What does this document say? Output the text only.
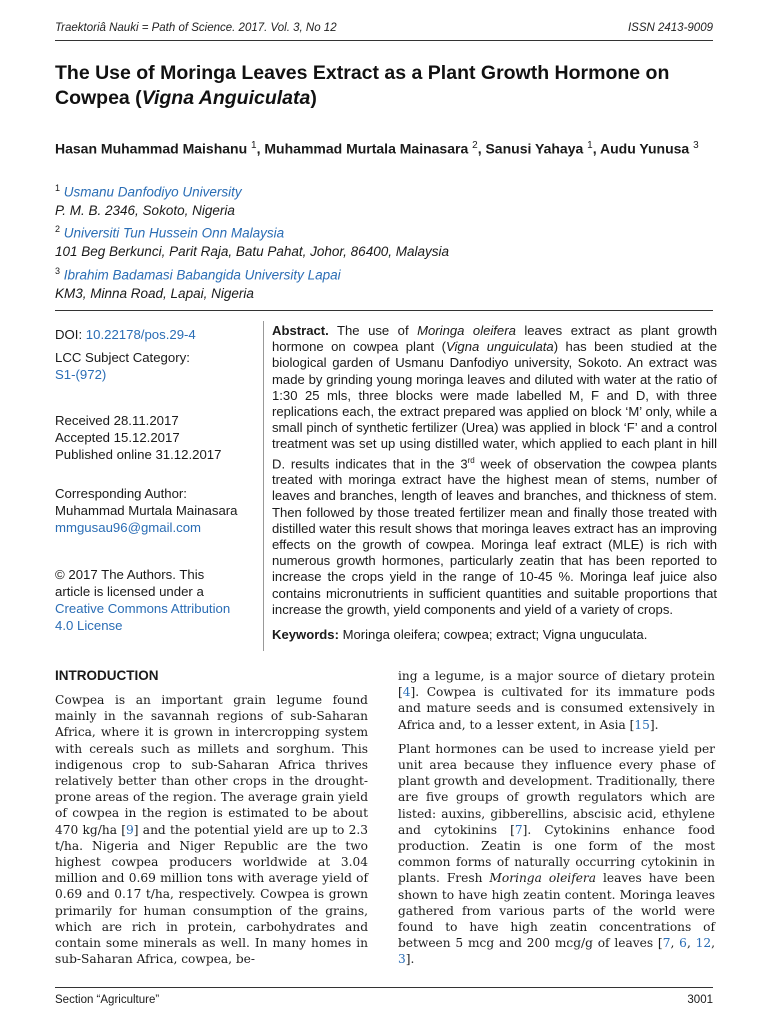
Traektoriâ Nauki = Path of Science. 2017. Vol. 3, No 12	ISSN 2413-9009
The Use of Moringa Leaves Extract as a Plant Growth Hormone on
Cowpea (Vigna Anguiculata)
Hasan Muhammad Maishanu $^1$, Muhammad Murtala Mainasara $^2$, Sanusi Yahaya $^1$, Audu Yunusa $^3$
$^1$ Usmanu Danfodiyo University
P. M. B. 2346, Sokoto, Nigeria
$^2$ Universiti Tun Hussein Onn Malaysia
101 Beg Berkunci, Parit Raja, Batu Pahat, Johor, 86400, Malaysia
$^3$ Ibrahim Badamasi Babangida University Lapai
KM3, Minna Road, Lapai, Nigeria
DOI: 10.22178/pos.29-4
LCC Subject Category:
S1-(972)
Received 28.11.2017
Accepted 15.12.2017
Published online 31.12.2017
Corresponding Author:
Muhammad Murtala Mainasara
mmgusau96@gmail.com
© 2017 The Authors. This
article is licensed under a
Creative Commons Attribution
4.0 License
Abstract. The use of Moringa oleifera leaves extract as plant growth hormone on cowpea plant (Vigna unguiculata) has been studied at the biological garden of Usmanu Danfodiyo university, Sokoto. An extract was made by grinding young moringa leaves and diluted with water at the ratio of 1:30 25 mls, three blocks were made labelled M, F and D, with three replications each, the extract prepared was applied on block ‘M’ only, while a small pinch of synthetic fertilizer (Urea) was applied in block ‘F’ and a control treatment was set up using distilled water, which applied to each plant in hill D. results indicates that in the 3rd week of observation the cowpea plants treated with moringa extract have the highest mean of stems, number of leaves and branches, length of leaves and branches, and thickness of stem. Then followed by those treated fertilizer mean and finally those treated with distilled water this result shows that moringa leaves extract has an improving effects on the growth of cowpea. Moringa leaf extract (MLE) is rich with numerous growth hormones, particularly zeatin that has been reported to increase the crops yield in the range of 10-45 %. Moringa leaf juice also contains micronutrients in sufficient quantities and suitable proportions that increase the growth, yield components and yield of a variety of crops.
Keywords: Moringa oleifera; cowpea; extract; Vigna unguculata.
INTRODUCTION
Cowpea is an important grain legume found mainly in the savannah regions of sub-Saharan Africa, where it is grown in intercropping system with cereals such as millets and sorghum. This indigenous crop to sub-Saharan Africa thrives relatively better than other crops in the drought-prone areas of the region. The average grain yield of cowpea in the region is estimated to be about 470 kg/ha [9] and the potential yield are up to 2.3 t/ha. Nigeria and Niger Republic are the two highest cowpea producers worldwide at 3.04 million and 0.69 million tons with average yield of 0.69 and 0.17 t/ha, respectively. Cowpea is grown primarily for human consumption of the grains, which are rich in protein, carbohydrates and contain some minerals as well. In many homes in sub-Saharan Africa, cowpea, be-

ing a legume, is a major source of dietary protein [4]. Cowpea is cultivated for its immature pods and mature seeds and is consumed extensively in Africa and, to a lesser extent, in Asia [15].

Plant hormones can be used to increase yield per unit area because they influence every phase of plant growth and development. Traditionally, there are five groups of growth regulators which are listed: auxins, gibberellins, abscisic acid, ethylene and cytokinins [7]. Cytokinins enhance food production. Zeatin is one form of the most common forms of naturally occurring cytokinin in plants. Fresh Moringa oleifera leaves have been shown to have high zeatin content. Moringa leaves gathered from various parts of the world were found to have high zeatin concentrations of between 5 mcg and 200 mcg/g of leaves [7, 6, 12, 3].

Section “Agriculture”	3001
